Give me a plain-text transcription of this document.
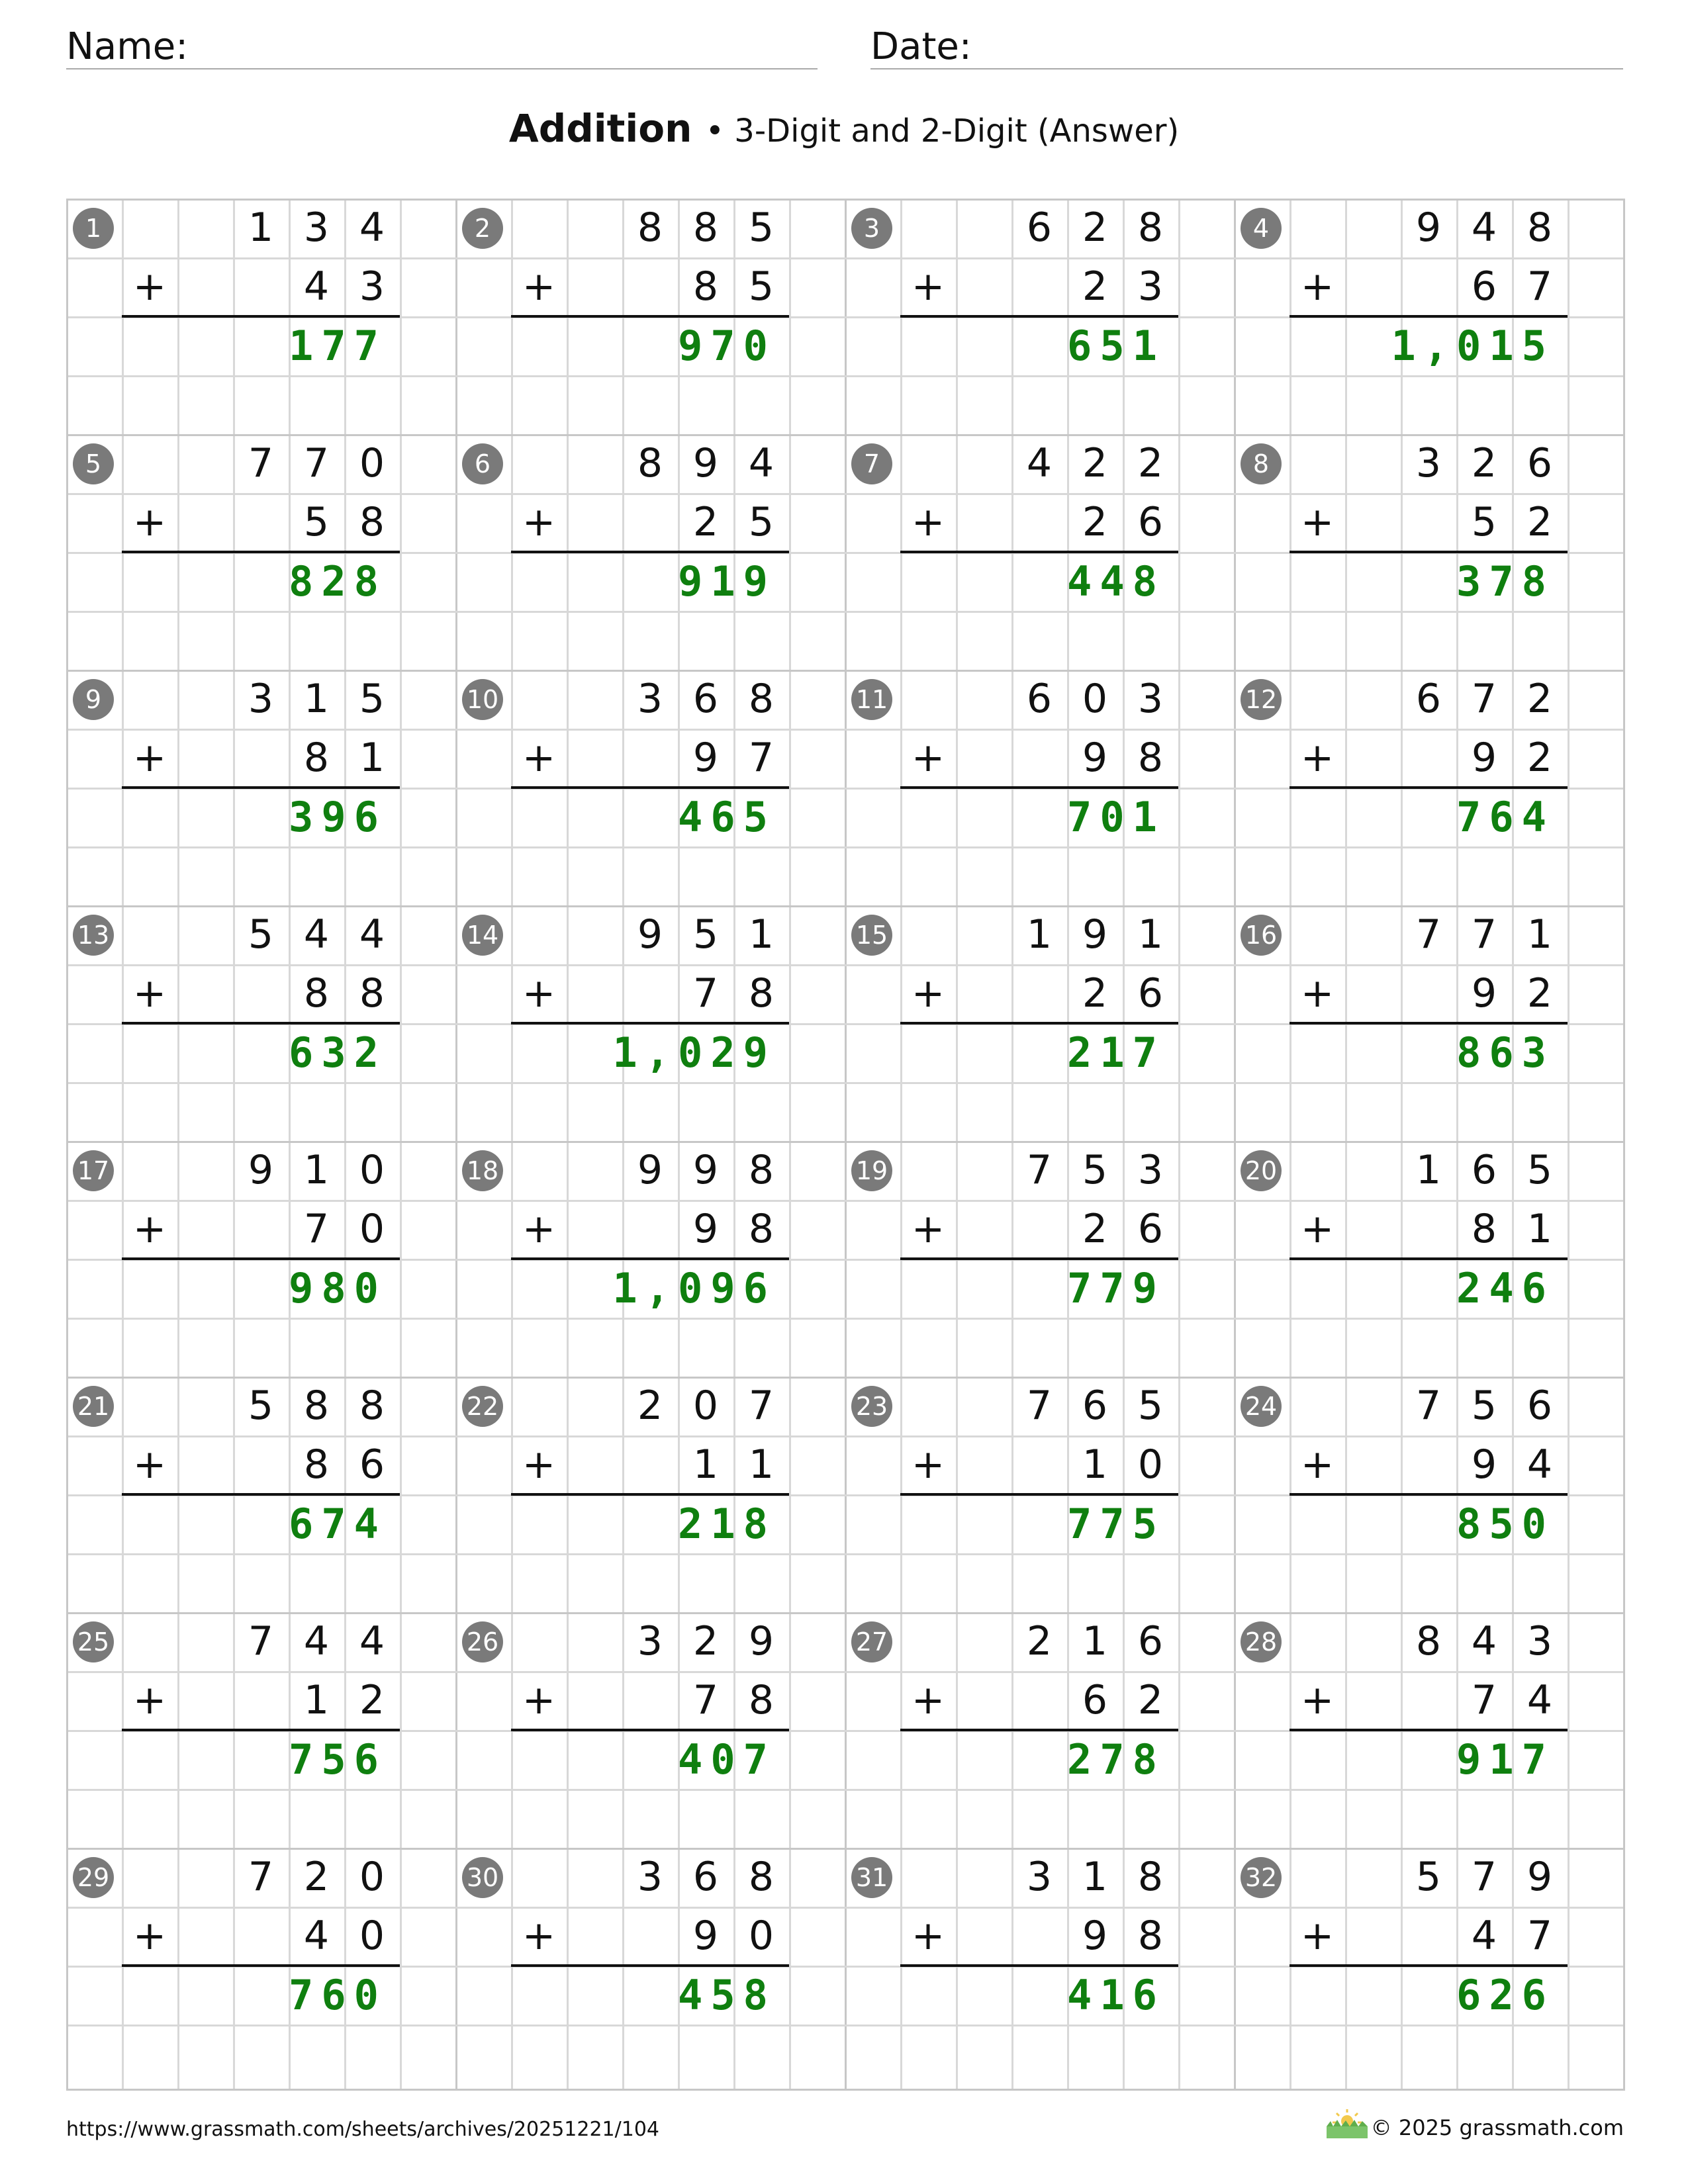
Name:	Date:
Addition  • 3-Digit and 2-Digit (Answer)
1	1 3 4
4 3
+
177
2	8 8 5
8 5
+
970
3	6 2 8
2 3
+
651
4	9 4 8
6 7
+
1,015
5	7 7 0
5 8
+
828
6	8 9 4
2 5
+
919
7	4 2 2
2 6
+
448
8	3 2 6
5 2
+
378
9	3 1 5
8 1
+
396
10	3 6 8
9 7
+
465
11	6 0 3
9 8
+
701
12	6 7 2
9 2
+
764
13	5 4 4
8 8
+
632
14	9 5 1
7 8
+
1,029
15	1 9 1
2 6
+
217
16	7 7 1
9 2
+
863
17	9 1 0
7 0
+
980
18	9 9 8
9 8
+
1,096
19	7 5 3
2 6
+
779
20	1 6 5
8 1
+
246
21	5 8 8
8 6
+
674
22	2 0 7
1 1
+
218
23	7 6 5
1 0
+
775
24	7 5 6
9 4
+
850
25	7 4 4
1 2
+
756
26	3 2 9
7 8
+
407
27	2 1 6
6 2
+
278
28	8 4 3
7 4
+
917
29	7 2 0
4 0
+
760
30	3 6 8
9 0
+
458
31	3 1 8
9 8
+
416
32	5 7 9
4 7
+
626
https://www.grassmath.com/sheets/archives/20251221/104	© 2025 grassmath.com
